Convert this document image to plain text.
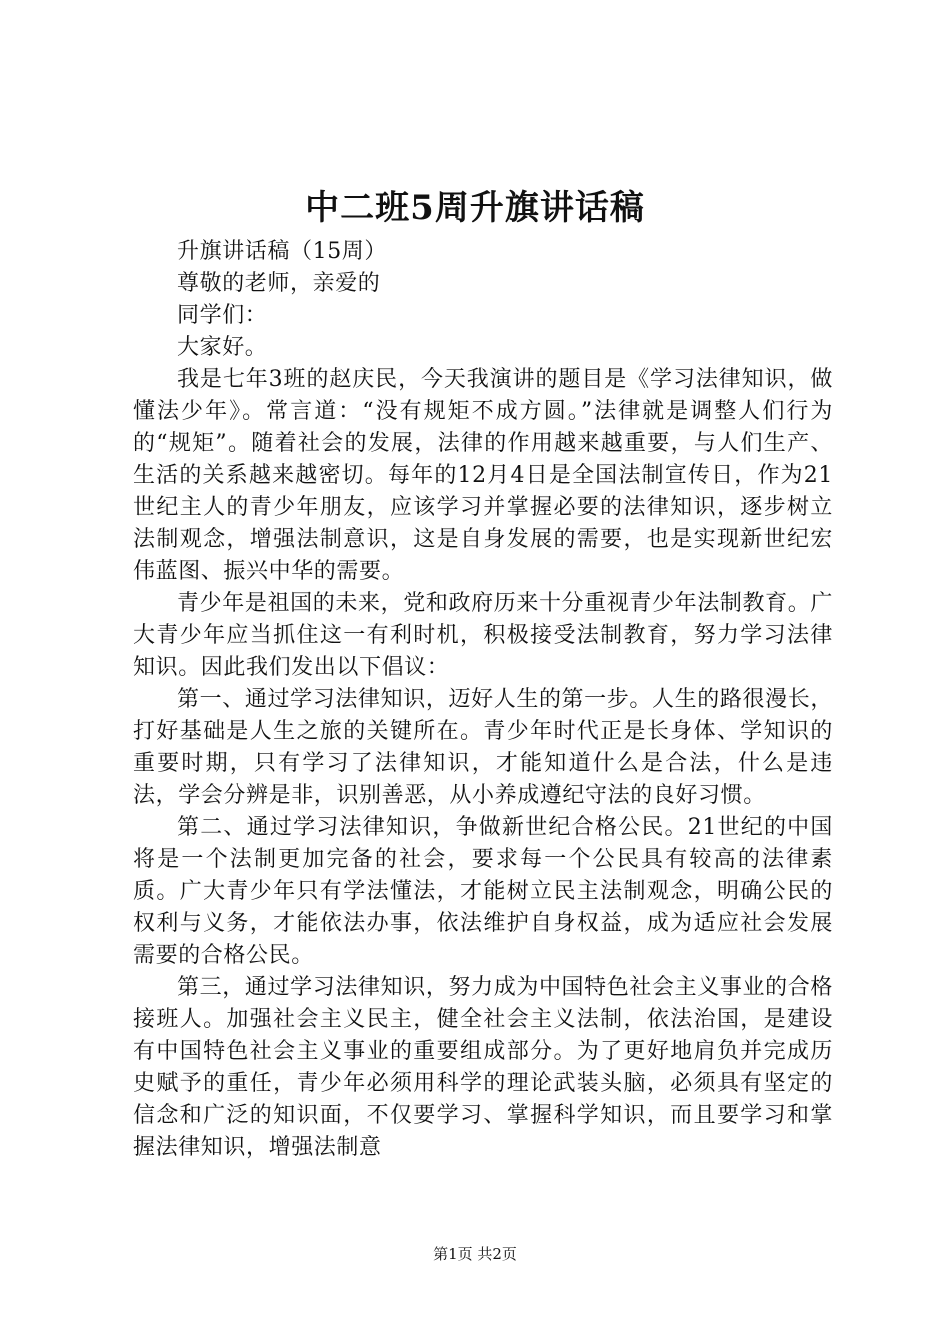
中二班5周升旗讲话稿

升旗讲话稿（15周）

尊敬的老师，亲爱的

同学们：

大家好。

我是七年3班的赵庆民，今天我演讲的题目是《学习法律知识，做懂法少年》。常言道：“没有规矩不成方圆。”法律就是调整人们行为的“规矩”。随着社会的发展，法律的作用越来越重要，与人们生产、生活的关系越来越密切。每年的12月4日是全国法制宣传日，作为21世纪主人的青少年朋友，应该学习并掌握必要的法律知识，逐步树立法制观念，增强法制意识，这是自身发展的需要，也是实现新世纪宏伟蓝图、振兴中华的需要。

青少年是祖国的未来，党和政府历来十分重视青少年法制教育。广大青少年应当抓住这一有利时机，积极接受法制教育，努力学习法律知识。因此我们发出以下倡议：

第一、通过学习法律知识，迈好人生的第一步。人生的路很漫长，打好基础是人生之旅的关键所在。青少年时代正是长身体、学知识的重要时期，只有学习了法律知识，才能知道什么是合法，什么是违法，学会分辨是非，识别善恶，从小养成遵纪守法的良好习惯。

第二、通过学习法律知识，争做新世纪合格公民。21世纪的中国将是一个法制更加完备的社会，要求每一个公民具有较高的法律素质。广大青少年只有学法懂法，才能树立民主法制观念，明确公民的权利与义务，才能依法办事，依法维护自身权益，成为适应社会发展需要的合格公民。

第三，通过学习法律知识，努力成为中国特色社会主义事业的合格接班人。加强社会主义民主，健全社会主义法制，依法治国，是建设有中国特色社会主义事业的重要组成部分。为了更好地肩负并完成历史赋予的重任，青少年必须用科学的理论武装头脑，必须具有坚定的信念和广泛的知识面，不仅要学习、掌握科学知识，而且要学习和掌握法律知识，增强法制意

第1页 共2页
